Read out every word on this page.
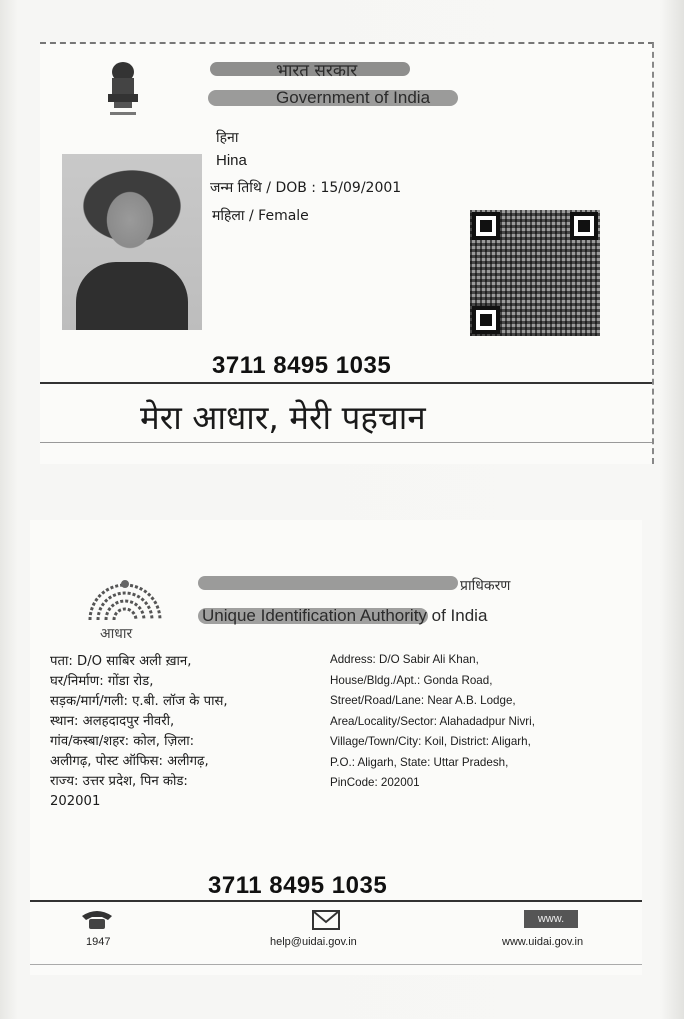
भारत सरकार
Government of India
हिना
Hina
जन्म तिथि / DOB : 15/09/2001
महिला / Female
3711 8495 1035
मेरा आधार, मेरी पहचान
आधार
प्राधिकरण
Unique Identification Authority of India
पता: D/O साबिर अली ख़ान,
घर/निर्माण: गोंडा रोड,
सड़क/मार्ग/गली: ए.बी. लॉज के पास,
स्थान: अलहदादपुर नीवरी,
गांव/कस्बा/शहर: कोल, ज़िला:
अलीगढ़, पोस्ट ऑफिस: अलीगढ़,
राज्य: उत्तर प्रदेश, पिन कोड:
202001
Address: D/O Sabir Ali Khan,
House/Bldg./Apt.: Gonda Road,
Street/Road/Lane: Near A.B. Lodge,
Area/Locality/Sector: Alahadadpur Nivri,
Village/Town/City: Koil, District: Aligarh,
P.O.: Aligarh, State: Uttar Pradesh,
PinCode: 202001
3711 8495 1035
1947	help@uidai.gov.in
www.
www.uidai.gov.in
